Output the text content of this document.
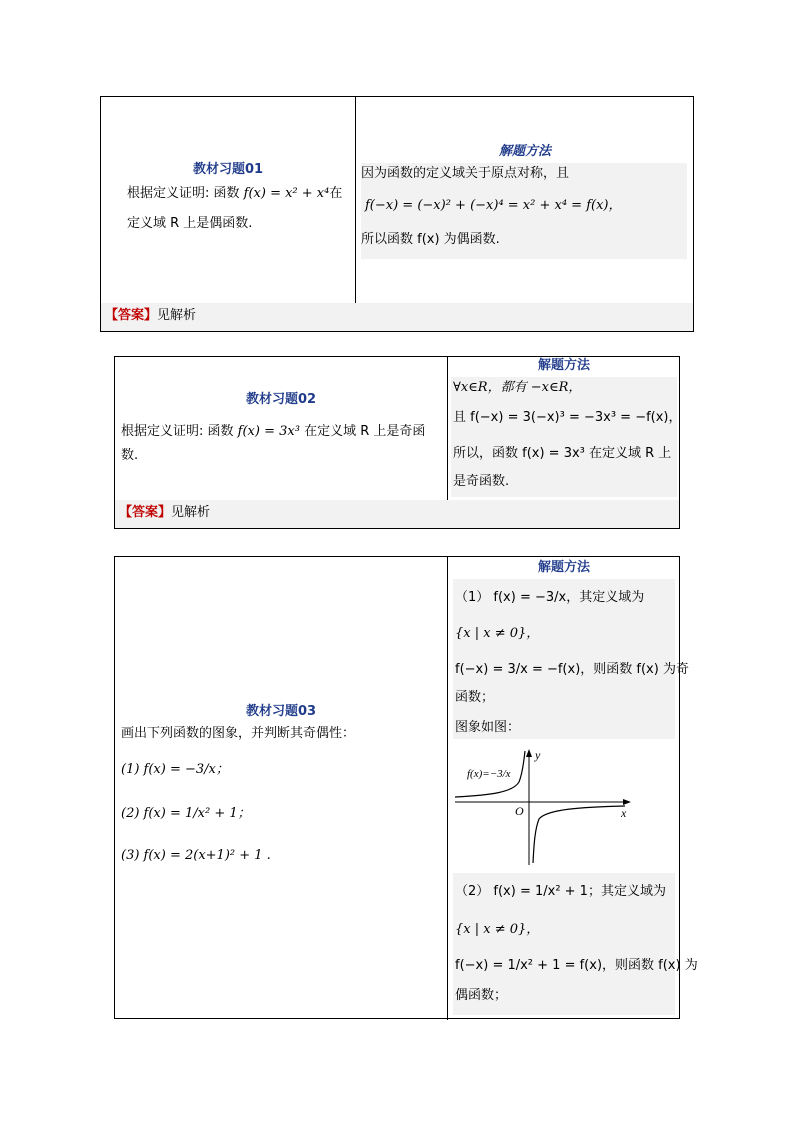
教材习题01
根据定义证明: 函数 f(x) = x² + x⁴在
定义域 R 上是偶函数.
解题方法
因为函数的定义域关于原点对称，且
f(−x) = (−x)² + (−x)⁴ = x² + x⁴ = f(x)，
所以函数 f(x) 为偶函数.
【答案】见解析
教材习题02
根据定义证明: 函数 f(x) = 3x³ 在定义域 R 上是奇函
数.
解题方法
∀x∈R，都有 −x∈R，
且 f(−x) = 3(−x)³ = −3x³ = −f(x)，
所以，函数 f(x) = 3x³ 在定义域 R 上
是奇函数.
【答案】见解析
教材习题03
画出下列函数的图象，并判断其奇偶性：
(1) f(x) = −3/x；
(2) f(x) = 1/x² + 1；
(3) f(x) = 2(x+1)² + 1 .
解题方法
（1） f(x) = −3/x，其定义域为
{x | x ≠ 0}，
f(−x) = 3/x = −f(x)，则函数 f(x) 为奇
函数；
图象如图：
f(x)=−3/x
y
x
O
（2） f(x) = 1/x² + 1；其定义域为
{x | x ≠ 0}，
f(−x) = 1/x² + 1 = f(x)，则函数 f(x) 为
偶函数；
